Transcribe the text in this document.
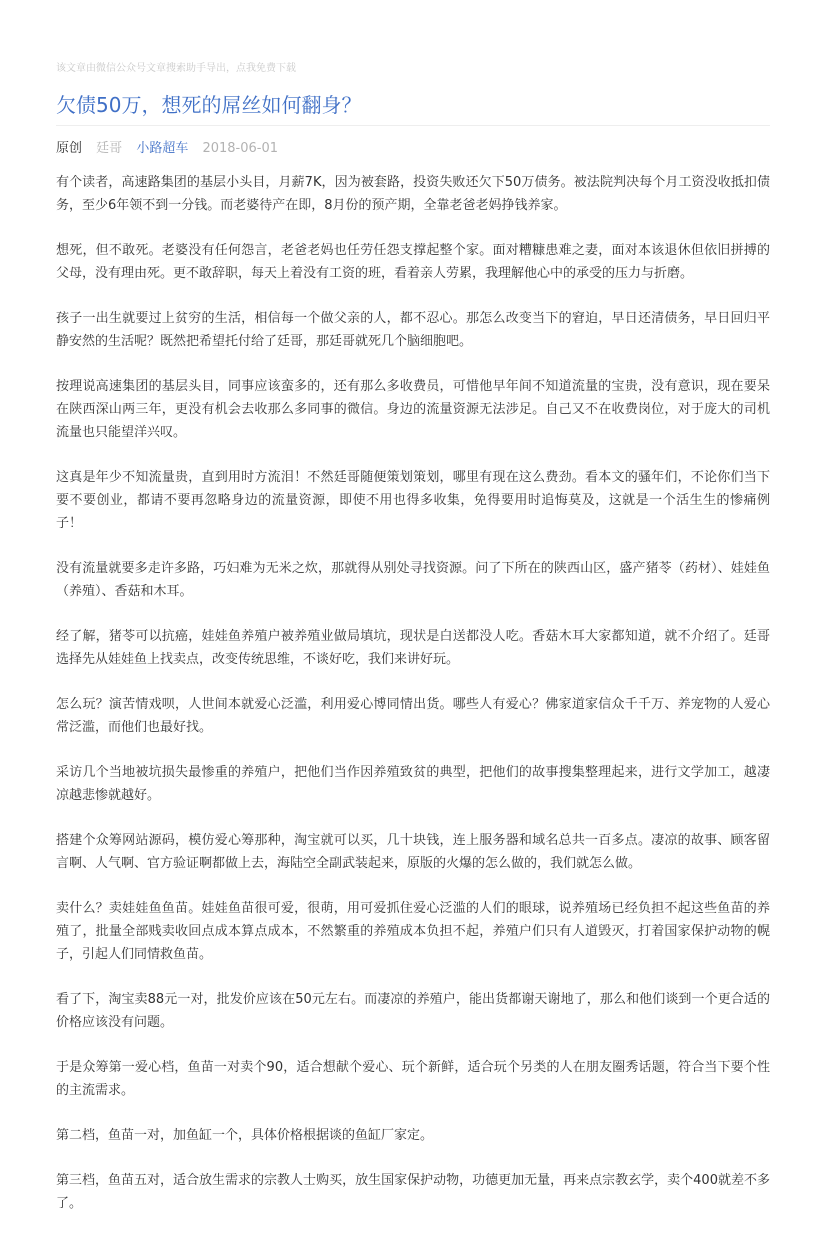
该文章由微信公众号文章搜索助手导出，点我免费下载
欠债50万，想死的屌丝如何翻身？
原创 廷哥 小路超车 2018-06-01

有个读者，高速路集团的基层小头目，月薪7K，因为被套路，投资失败还欠下50万债务。被法院判决每个月工资没收抵扣债务，至少6年领不到一分钱。而老婆待产在即，8月份的预产期，全靠老爸老妈挣钱养家。

想死，但不敢死。老婆没有任何怨言，老爸老妈也任劳任怨支撑起整个家。面对糟糠患难之妻，面对本该退休但依旧拼搏的父母，没有理由死。更不敢辞职，每天上着没有工资的班，看着亲人劳累，我理解他心中的承受的压力与折磨。

孩子一出生就要过上贫穷的生活，相信每一个做父亲的人，都不忍心。那怎么改变当下的窘迫，早日还清债务，早日回归平静安然的生活呢？既然把希望托付给了廷哥，那廷哥就死几个脑细胞吧。

按理说高速集团的基层头目，同事应该蛮多的，还有那么多收费员，可惜他早年间不知道流量的宝贵，没有意识，现在要呆在陕西深山两三年，更没有机会去收那么多同事的微信。身边的流量资源无法涉足。自己又不在收费岗位，对于庞大的司机流量也只能望洋兴叹。

这真是年少不知流量贵，直到用时方流泪！不然廷哥随便策划策划，哪里有现在这么费劲。看本文的骚年们，不论你们当下要不要创业，都请不要再忽略身边的流量资源，即使不用也得多收集，免得要用时追悔莫及，这就是一个活生生的惨痛例子！

没有流量就要多走许多路，巧妇难为无米之炊，那就得从别处寻找资源。问了下所在的陕西山区，盛产猪苓（药材）、娃娃鱼（养殖）、香菇和木耳。

经了解，猪苓可以抗癌，娃娃鱼养殖户被养殖业做局填坑，现状是白送都没人吃。香菇木耳大家都知道，就不介绍了。廷哥选择先从娃娃鱼上找卖点，改变传统思维，不谈好吃，我们来讲好玩。

怎么玩？演苦情戏呗，人世间本就爱心泛滥，利用爱心博同情出货。哪些人有爱心？佛家道家信众千千万、养宠物的人爱心常泛滥，而他们也最好找。

采访几个当地被坑损失最惨重的养殖户，把他们当作因养殖致贫的典型，把他们的故事搜集整理起来，进行文学加工，越凄凉越悲惨就越好。

搭建个众筹网站源码，模仿爱心筹那种，淘宝就可以买，几十块钱，连上服务器和域名总共一百多点。凄凉的故事、顾客留言啊、人气啊、官方验证啊都做上去，海陆空全副武装起来，原版的火爆的怎么做的，我们就怎么做。

卖什么？卖娃娃鱼鱼苗。娃娃鱼苗很可爱，很萌，用可爱抓住爱心泛滥的人们的眼球，说养殖场已经负担不起这些鱼苗的养殖了，批量全部贱卖收回点成本算点成本，不然繁重的养殖成本负担不起，养殖户们只有人道毁灭，打着国家保护动物的幌子，引起人们同情救鱼苗。

看了下，淘宝卖88元一对，批发价应该在50元左右。而凄凉的养殖户，能出货都谢天谢地了，那么和他们谈到一个更合适的价格应该没有问题。

于是众筹第一爱心档，鱼苗一对卖个90，适合想献个爱心、玩个新鲜，适合玩个另类的人在朋友圈秀话题，符合当下要个性的主流需求。

第二档，鱼苗一对，加鱼缸一个，具体价格根据谈的鱼缸厂家定。

第三档，鱼苗五对，适合放生需求的宗教人士购买，放生国家保护动物，功德更加无量，再来点宗教玄学，卖个400就差不多了。
